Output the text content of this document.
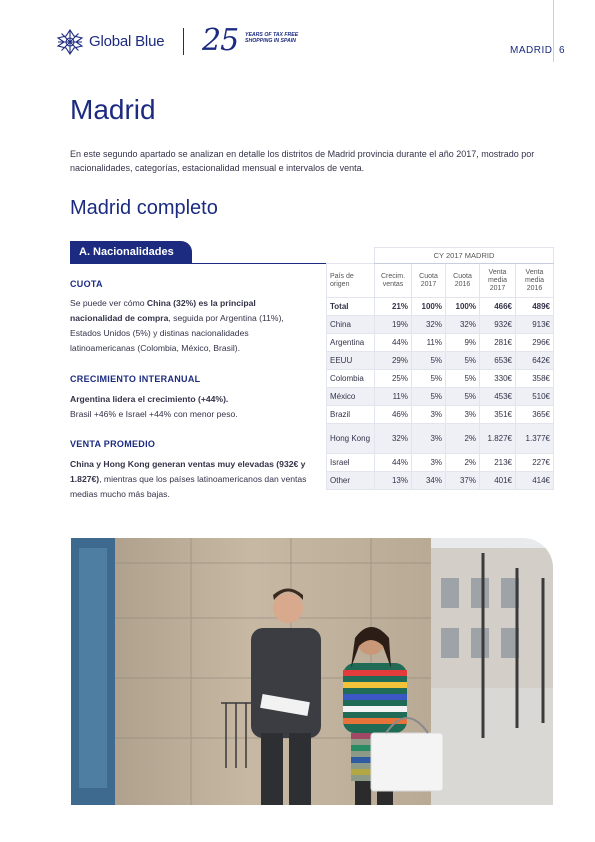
Global Blue 25 YEARS OF TAX FREE SHOPPING IN SPAIN
MADRID 6
Madrid
En este segundo apartado se analizan en detalle los distritos de Madrid provincia durante el año 2017, mostrado por nacionalidades, categorías, estacionalidad mensual e intervalos de venta.
Madrid completo
A. Nacionalidades
CUOTA
Se puede ver cómo China (32%) es la principal nacionalidad de compra, seguida por Argentina (11%), Estados Unidos (5%) y distinas nacionalidades latinoamericanas (Colombia, México, Brasil).
CRECIMIENTO INTERANUAL
Argentina lidera el crecimiento (+44%).
Brasil +46% e Israel +44% con menor peso.
VENTA PROMEDIO
China y Hong Kong generan ventas muy elevadas (932€ y 1.827€), mientras que los países latinoamericanos dan ventas medias mucho más bajas.
	CY 2017 MADRID				
País de origen	Crecim. ventas	Cuota 2017	Cuota 2016	Venta media 2017	Venta media 2016
Total	21%	100%	100%	466€	489€
China	19%	32%	32%	932€	913€
Argentina	44%	11%	9%	281€	296€
EEUU	29%	5%	5%	653€	642€
Colombia	25%	5%	5%	330€	358€
México	11%	5%	5%	453€	510€
Brazil	46%	3%	3%	351€	365€
Hong Kong	32%	3%	2%	1.827€	1.377€
Israel	44%	3%	2%	213€	227€
Other	13%	34%	37%	401€	414€
